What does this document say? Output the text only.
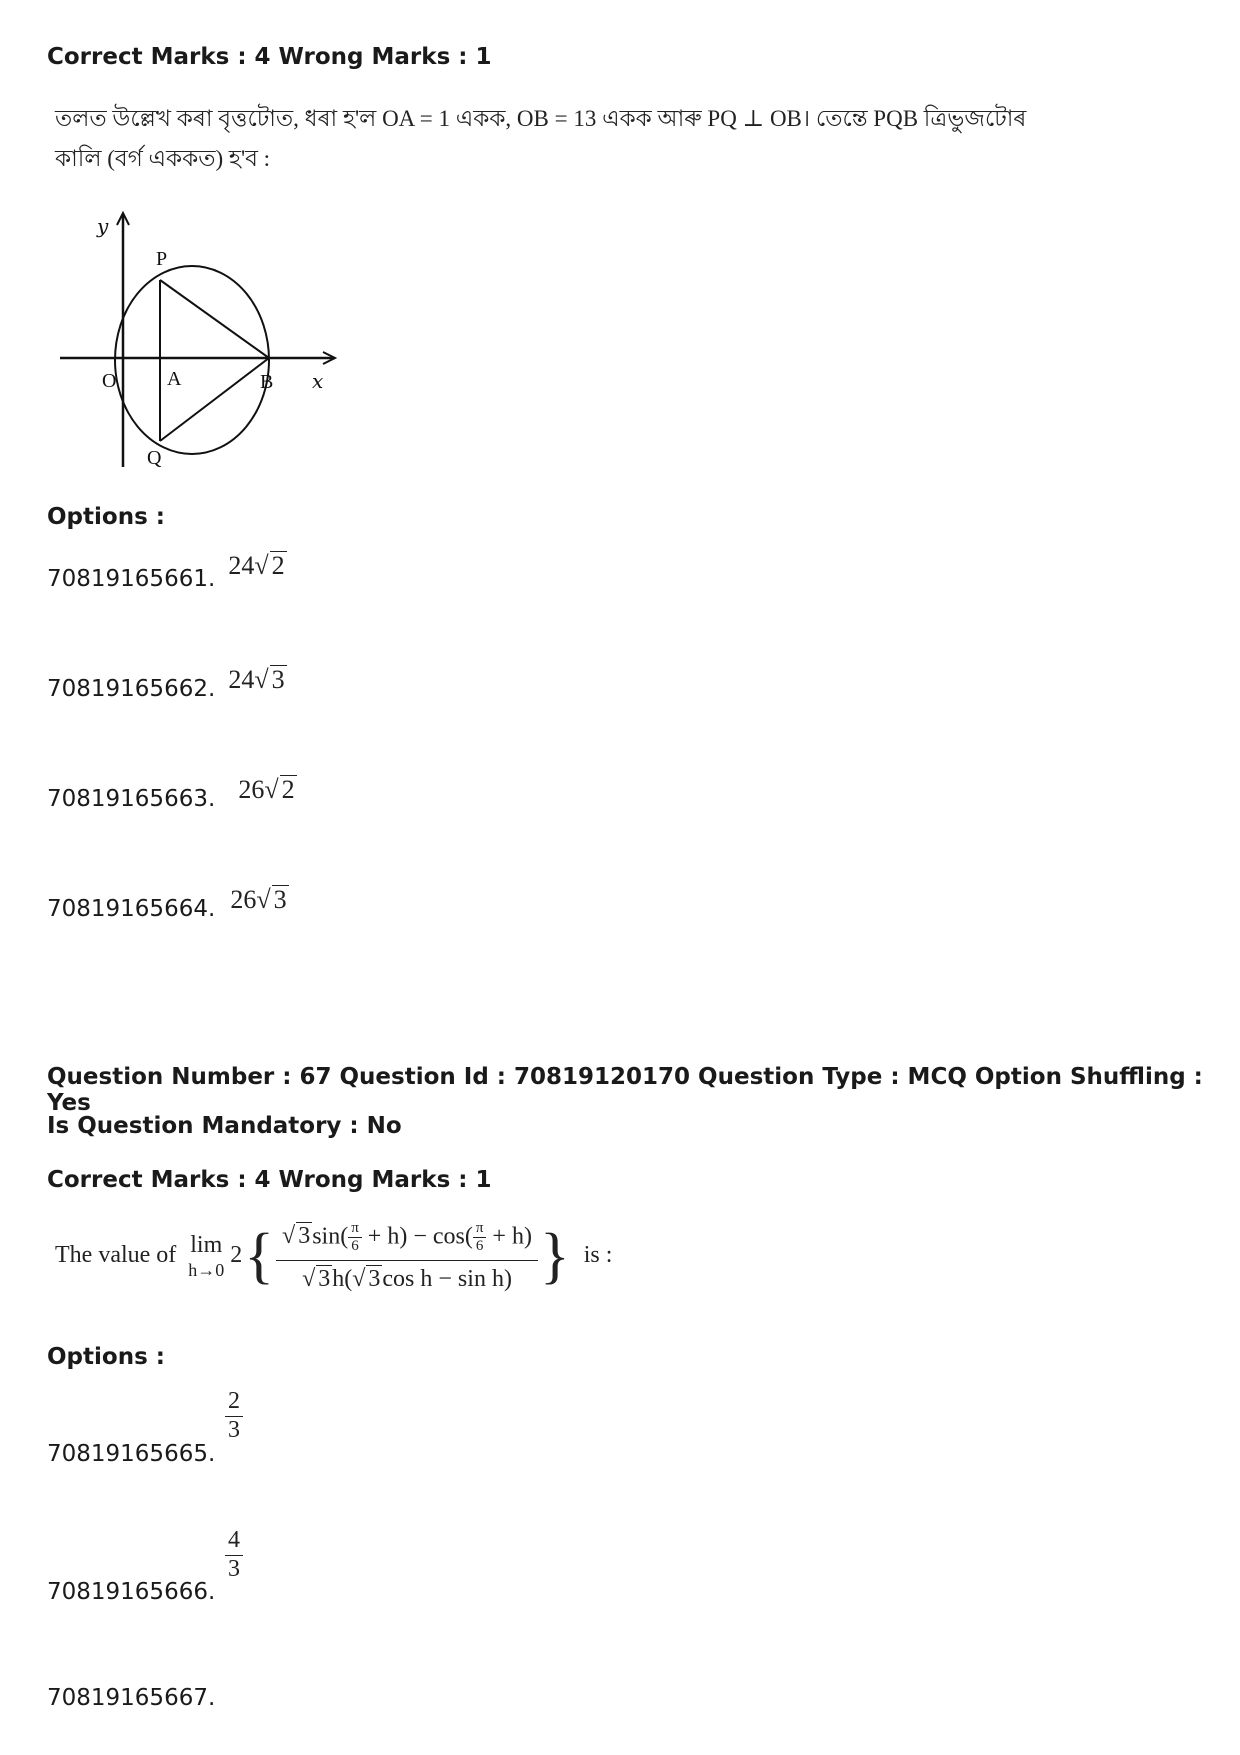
Correct Marks : 4 Wrong Marks : 1
তলত উল্লেখ কৰা বৃত্তটোত, ধৰা হ'ল OA = 1 একক, OB = 13 একক আৰু PQ ⊥ OB। তেন্তে PQB ত্ৰিভুজটোৰ
কালি (বৰ্গ এককত) হ'ব :
y
P
O	A	B x
Q
Options :
70819165661. 24√ 2
70819165662. 24√ 3
70819165663. 26√ 2
70819165664. 26√ 3
Question Number : 67 Question Id : 70819120170 Question Type : MCQ Option Shuffling : Yes
Is Question Mandatory : No
Correct Marks : 4 Wrong Marks : 1
The value of lim
h→0
2 { $\frac{√ 3\sin( \frac{\pi}{6} + h) - \cos( \frac{\pi}{6} + h)}{\text{√ 3h(√ 3cos h − sin h)}}$ } is :
Options :
70819165665.
$\frac{2}{3}$
70819165666.
$\frac{4}{3}$
70819165667.
